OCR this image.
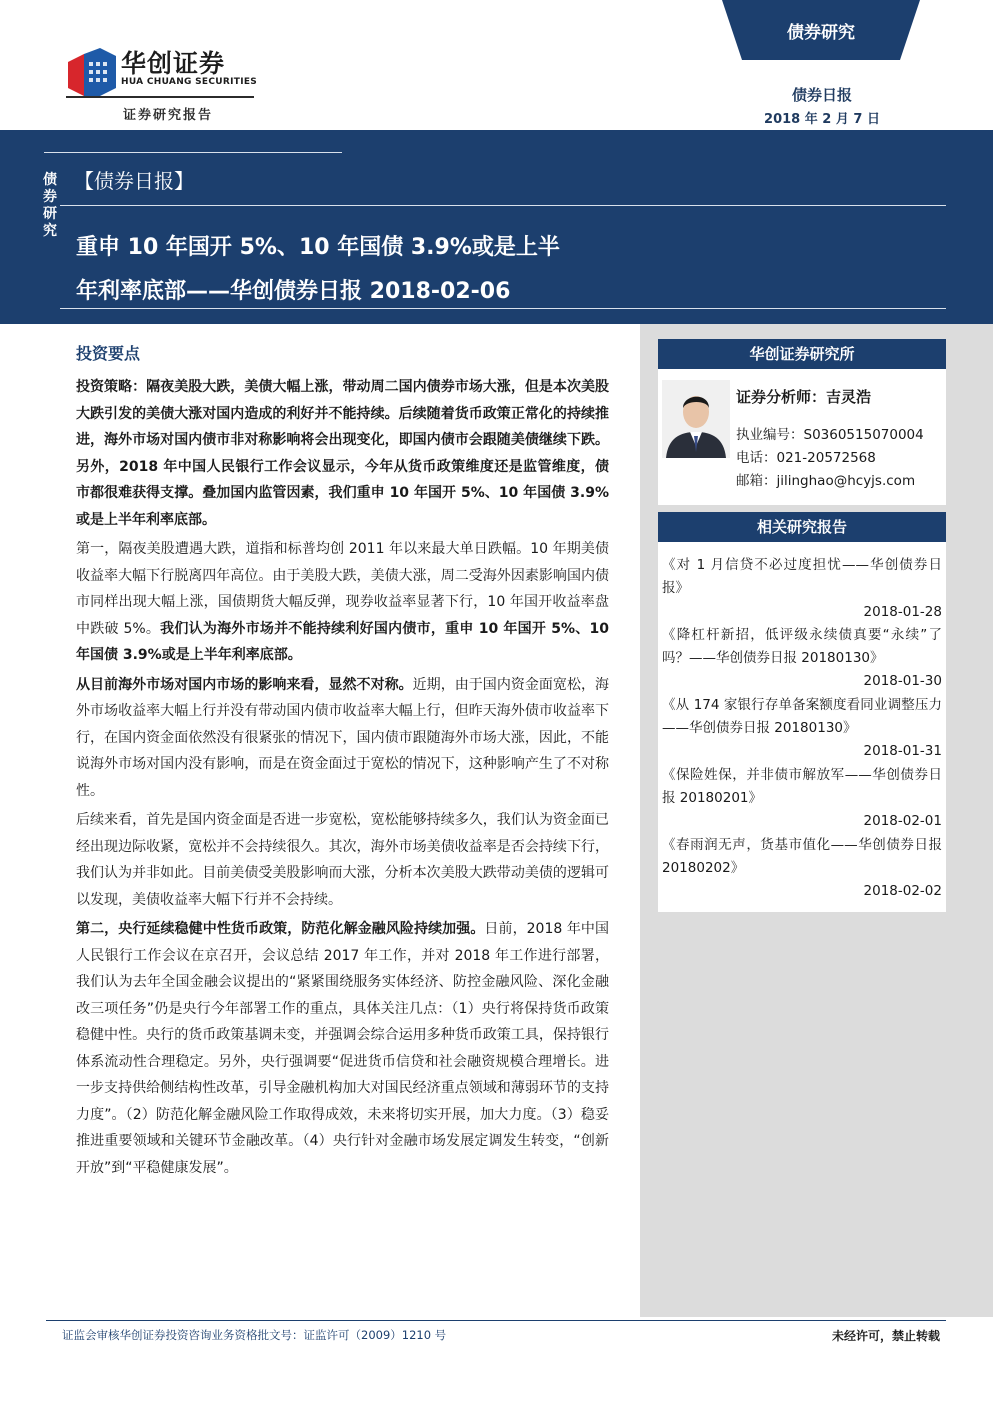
华创证券
HUA CHUANG SECURITIES
证券研究报告
债券研究
债券日报
2018 年 2 月 7 日
债券研究
【债券日报】
重申 10 年国开 5%、10 年国债 3.9%或是上半
年利率底部——华创债券日报 2018-02-06
华创证券研究所
证券分析师：吉灵浩
执业编号：S0360515070004
电话：021-20572568
邮箱：jilinghao@hcyjs.com
相关研究报告
《对 1 月信贷不必过度担忧——华创债券日报》
2018-01-28
《降杠杆新招，低评级永续债真要“永续”了吗？——华创债券日报 20180130》
2018-01-30
《从 174 家银行存单备案额度看同业调整压力——华创债券日报 20180130》
2018-01-31
《保险姓保，并非债市解放军——华创债券日报 20180201》
2018-02-01
《春雨润无声，货基市值化——华创债券日报 20180202》
2018-02-02
投资要点

投资策略：隔夜美股大跌，美债大幅上涨，带动周二国内债券市场大涨，但是本次美股大跌引发的美债大涨对国内造成的利好并不能持续。后续随着货币政策正常化的持续推进，海外市场对国内债市非对称影响将会出现变化，即国内债市会跟随美债继续下跌。另外，2018 年中国人民银行工作会议显示，今年从货币政策维度还是监管维度，债市都很难获得支撑。叠加国内监管因素，我们重申 10 年国开 5%、10 年国债 3.9%或是上半年利率底部。

第一，隔夜美股遭遇大跌，道指和标普均创 2011 年以来最大单日跌幅。10 年期美债收益率大幅下行脱离四年高位。由于美股大跌，美债大涨，周二受海外因素影响国内债市同样出现大幅上涨，国债期货大幅反弹，现券收益率显著下行，10 年国开收益率盘中跌破 5%。我们认为海外市场并不能持续利好国内债市，重申 10 年国开 5%、10 年国债 3.9%或是上半年利率底部。

从目前海外市场对国内市场的影响来看，显然不对称。近期，由于国内资金面宽松，海外市场收益率大幅上行并没有带动国内债市收益率大幅上行，但昨天海外债市收益率下行，在国内资金面依然没有很紧张的情况下，国内债市跟随海外市场大涨，因此，不能说海外市场对国内没有影响，而是在资金面过于宽松的情况下，这种影响产生了不对称性。

后续来看，首先是国内资金面是否进一步宽松，宽松能够持续多久，我们认为资金面已经出现边际收紧，宽松并不会持续很久。其次，海外市场美债收益率是否会持续下行，我们认为并非如此。目前美债受美股影响而大涨，分析本次美股大跌带动美债的逻辑可以发现，美债收益率大幅下行并不会持续。

第二，央行延续稳健中性货币政策，防范化解金融风险持续加强。日前，2018 年中国人民银行工作会议在京召开，会议总结 2017 年工作，并对 2018 年工作进行部署，我们认为去年全国金融会议提出的“紧紧围绕服务实体经济、防控金融风险、深化金融改三项任务”仍是央行今年部署工作的重点，具体关注几点：（1）央行将保持货币政策稳健中性。央行的货币政策基调未变，并强调会综合运用多种货币政策工具，保持银行体系流动性合理稳定。另外，央行强调要“促进货币信贷和社会融资规模合理增长。进一步支持供给侧结构性改革，引导金融机构加大对国民经济重点领域和薄弱环节的支持力度”。（2）防范化解金融风险工作取得成效，未来将切实开展，加大力度。（3）稳妥推进重要领域和关键环节金融改革。（4）央行针对金融市场发展定调发生转变，“创新开放”到“平稳健康发展”。

证监会审核华创证券投资咨询业务资格批文号：证监许可（2009）1210 号	未经许可，禁止转载
